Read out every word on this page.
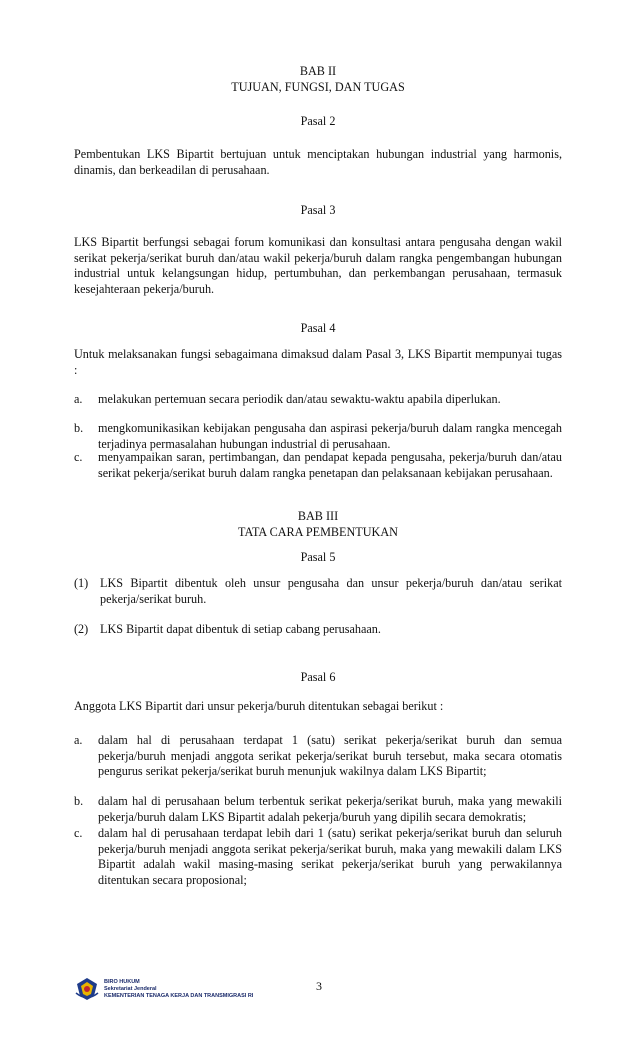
BAB II
TUJUAN, FUNGSI, DAN TUGAS
Pasal 2
Pembentukan LKS Bipartit bertujuan untuk menciptakan hubungan industrial yang harmonis, dinamis, dan berkeadilan di perusahaan.
Pasal 3
LKS Bipartit berfungsi sebagai forum komunikasi dan konsultasi antara pengusaha dengan wakil serikat pekerja/serikat buruh dan/atau wakil pekerja/buruh dalam rangka pengembangan hubungan industrial untuk kelangsungan hidup, pertumbuhan, dan perkembangan perusahaan, termasuk kesejahteraan pekerja/buruh.
Pasal 4
Untuk melaksanakan fungsi sebagaimana dimaksud dalam Pasal 3, LKS Bipartit mempunyai tugas :
a. melakukan pertemuan secara periodik dan/atau sewaktu-waktu apabila diperlukan.
b. mengkomunikasikan kebijakan pengusaha dan aspirasi pekerja/buruh dalam rangka mencegah terjadinya permasalahan hubungan industrial di perusahaan.
c. menyampaikan saran, pertimbangan, dan pendapat kepada pengusaha, pekerja/buruh dan/atau serikat pekerja/serikat buruh dalam rangka penetapan dan pelaksanaan kebijakan perusahaan.
BAB III
TATA CARA PEMBENTUKAN
Pasal 5
(1) LKS Bipartit dibentuk oleh unsur pengusaha dan unsur pekerja/buruh dan/atau serikat pekerja/serikat buruh.
(2) LKS Bipartit dapat dibentuk di setiap cabang perusahaan.
Pasal 6
Anggota LKS Bipartit dari unsur pekerja/buruh ditentukan sebagai berikut :
a. dalam hal di perusahaan terdapat 1 (satu) serikat pekerja/serikat buruh dan semua pekerja/buruh menjadi anggota serikat pekerja/serikat buruh tersebut, maka secara otomatis pengurus serikat pekerja/serikat buruh menunjuk wakilnya dalam LKS Bipartit;
b. dalam hal di perusahaan belum terbentuk serikat pekerja/serikat buruh, maka yang mewakili pekerja/buruh dalam LKS Bipartit adalah pekerja/buruh yang dipilih secara demokratis;
c. dalam hal di perusahaan terdapat lebih dari 1 (satu) serikat pekerja/serikat buruh dan seluruh pekerja/buruh menjadi anggota serikat pekerja/serikat buruh, maka yang mewakili dalam LKS Bipartit adalah wakil masing-masing serikat pekerja/serikat buruh yang perwakilannya ditentukan secara proposional;
BIRO HUKUM
Sekretariat Jenderal
KEMENTERIAN TENAGA KERJA DAN TRANSMIGRASI RI
3
